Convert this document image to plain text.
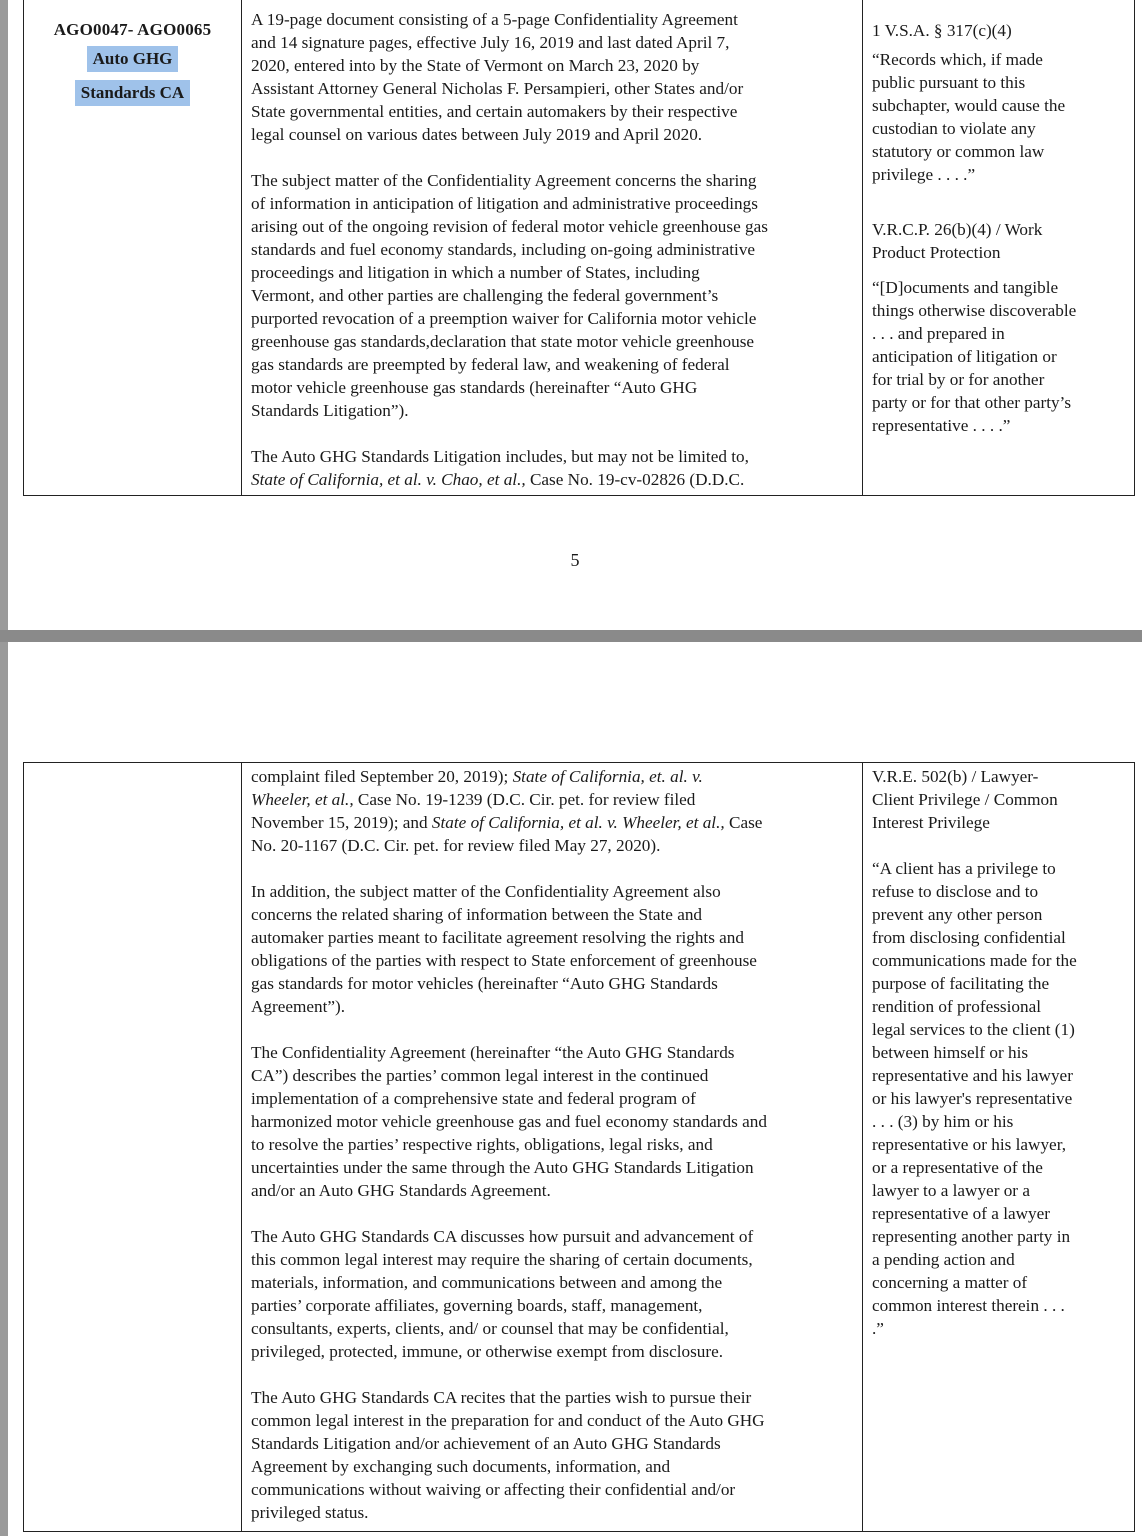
AGO0047- AGO0065
Auto GHG
Standards CA

A 19-page document consisting of a 5-page Confidentiality Agreement
and 14 signature pages, effective July 16, 2019 and last dated April 7,
2020, entered into by the State of Vermont on March 23, 2020 by
Assistant Attorney General Nicholas F. Persampieri, other States and/or
State governmental entities, and certain automakers by their respective
legal counsel on various dates between July 2019 and April 2020.

The subject matter of the Confidentiality Agreement concerns the sharing
of information in anticipation of litigation and administrative proceedings
arising out of the ongoing revision of federal motor vehicle greenhouse gas
standards and fuel economy standards, including on-going administrative
proceedings and litigation in which a number of States, including
Vermont, and other parties are challenging the federal government’s
purported revocation of a preemption waiver for California motor vehicle
greenhouse gas standards,declaration that state motor vehicle greenhouse
gas standards are preempted by federal law, and weakening of federal
motor vehicle greenhouse gas standards (hereinafter “Auto GHG
Standards Litigation”).

The Auto GHG Standards Litigation includes, but may not be limited to,
State of California, et al. v. Chao, et al., Case No. 19-cv-02826 (D.D.C.

1 V.S.A. § 317(c)(4)

“Records which, if made
public pursuant to this
subchapter, would cause the
custodian to violate any
statutory or common law
privilege . . . .”

V.R.C.P. 26(b)(4) / Work
Product Protection

“[D]ocuments and tangible
things otherwise discoverable
. . . and prepared in
anticipation of litigation or
for trial by or for another
party or for that other party’s
representative . . . .”

5

complaint filed September 20, 2019); State of California, et. al. v.
Wheeler, et al., Case No. 19-1239 (D.C. Cir. pet. for review filed
November 15, 2019); and State of California, et al. v. Wheeler, et al., Case
No. 20-1167 (D.C. Cir. pet. for review filed May 27, 2020).

In addition, the subject matter of the Confidentiality Agreement also
concerns the related sharing of information between the State and
automaker parties meant to facilitate agreement resolving the rights and
obligations of the parties with respect to State enforcement of greenhouse
gas standards for motor vehicles (hereinafter “Auto GHG Standards
Agreement”).

The Confidentiality Agreement (hereinafter “the Auto GHG Standards
CA”) describes the parties’ common legal interest in the continued
implementation of a comprehensive state and federal program of
harmonized motor vehicle greenhouse gas and fuel economy standards and
to resolve the parties’ respective rights, obligations, legal risks, and
uncertainties under the same through the Auto GHG Standards Litigation
and/or an Auto GHG Standards Agreement.

The Auto GHG Standards CA discusses how pursuit and advancement of
this common legal interest may require the sharing of certain documents,
materials, information, and communications between and among the
parties’ corporate affiliates, governing boards, staff, management,
consultants, experts, clients, and/ or counsel that may be confidential,
privileged, protected, immune, or otherwise exempt from disclosure.

The Auto GHG Standards CA recites that the parties wish to pursue their
common legal interest in the preparation for and conduct of the Auto GHG
Standards Litigation and/or achievement of an Auto GHG Standards
Agreement by exchanging such documents, information, and
communications without waiving or affecting their confidential and/or
privileged status.

V.R.E. 502(b) / Lawyer-
Client Privilege / Common
Interest Privilege

“A client has a privilege to
refuse to disclose and to
prevent any other person
from disclosing confidential
communications made for the
purpose of facilitating the
rendition of professional
legal services to the client (1)
between himself or his
representative and his lawyer
or his lawyer's representative
. . . (3) by him or his
representative or his lawyer,
or a representative of the
lawyer to a lawyer or a
representative of a lawyer
representing another party in
a pending action and
concerning a matter of
common interest therein . . .
.”
